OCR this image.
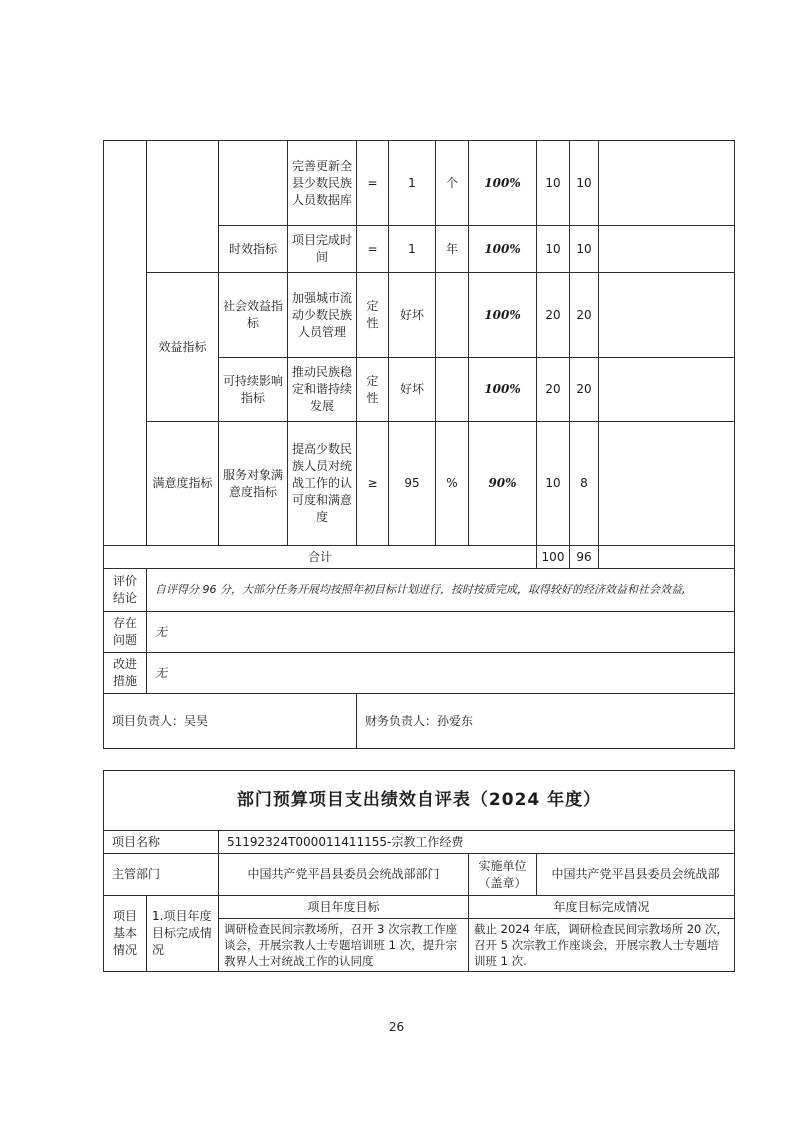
			完善更新全县少数民族人员数据库	=	1	个	100%	10	10	
		时效指标	项目完成时间	=	1	年	100%	10	10	
	效益指标	社会效益指标	加强城市流动少数民族人员管理	定性	好坏		100%	20	20	
		可持续影响指标	推动民族稳定和谐持续发展	定性	好坏		100%	20	20	
	满意度指标	服务对象满意度指标	提高少数民族人员对统战工作的认可度和满意度	≥	95	%	90%	10	8	
合计								100	96	
评价结论	自评得分 96 分，大部分任务开展均按照年初目标计划进行，按时按质完成，取得较好的经济效益和社会效益,									
存在问题	无									
改进措施	无									
项目负责人：吴昊				财务负责人：孙爱东						
部门预算项目支出绩效自评表（2024 年度）				
项目名称		51192324T000011411155-宗教工作经费		
主管部门		中国共产党平昌县委员会统战部部门	实施单位（盖章）	中国共产党平昌县委员会统战部
项目基本情况	1.项目年度目标完成情况	项目年度目标	年度目标完成情况	
		调研检查民间宗教场所，召开 3 次宗教工作座谈会，开展宗教人士专题培训班 1 次，提升宗教界人士对统战工作的认同度	截止 2024 年底，调研检查民间宗教场所 20 次，召开 5 次宗教工作座谈会，开展宗教人士专题培训班 1 次.	
26
